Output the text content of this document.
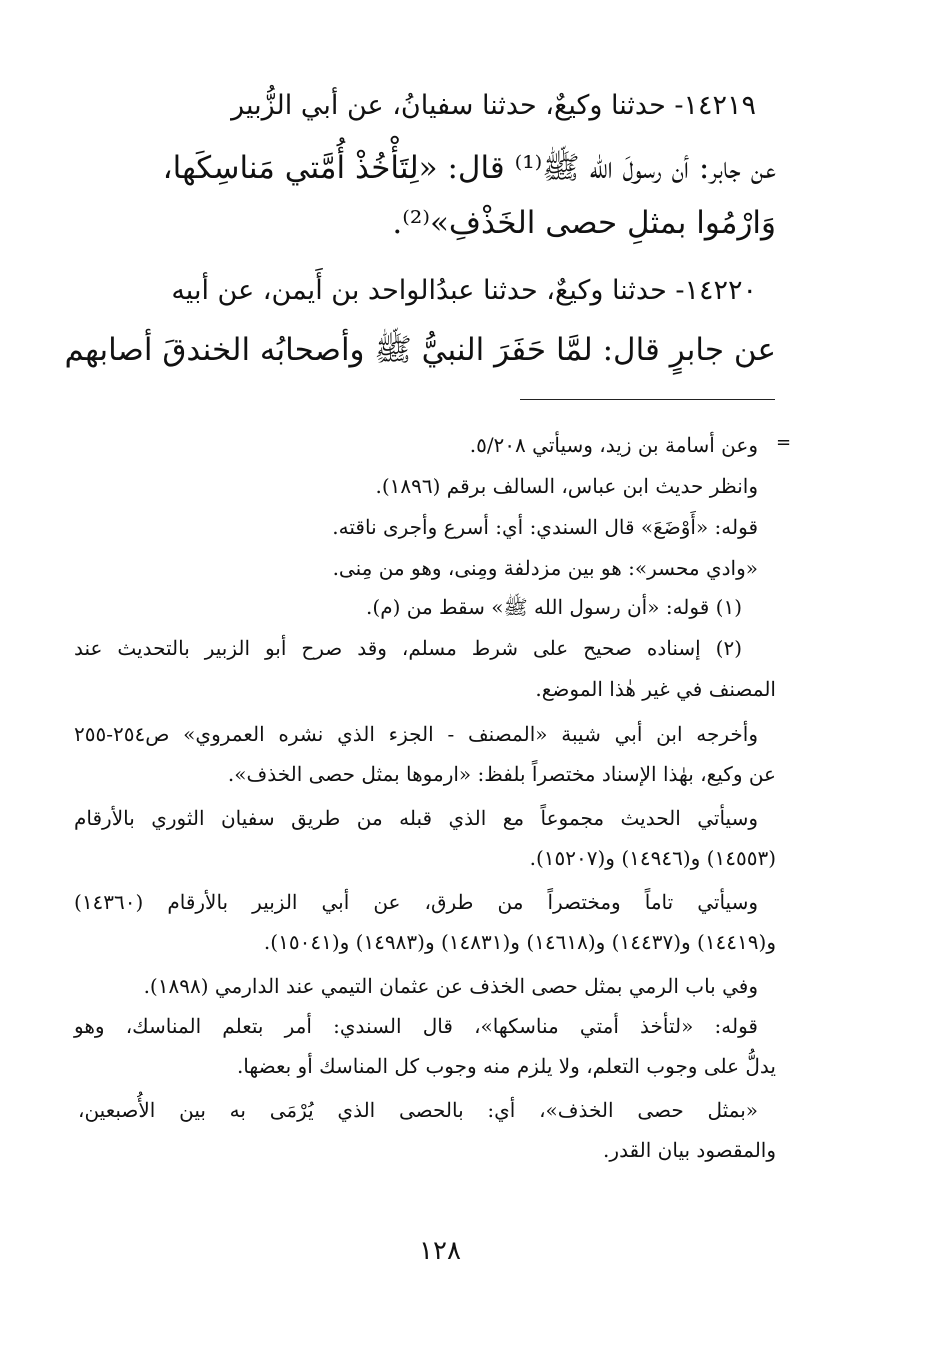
١٤٢١٩- حدثنا وكيعٌ، حدثنا سفيانُ، عن أبي الزُّبير
عن جابر: أن رسولَ الله ﷺ⁽¹⁾ قال: «لِتَأْخُذْ أُمَّتي مَناسِكَها،
وَارْمُوا بمثلِ حصى الخَذْفِ»⁽²⁾.
١٤٢٢٠- حدثنا وكيعٌ، حدثنا عبدُالواحد بن أَيمن، عن أبيه
عن جابرٍ قال: لمَّا حَفَرَ النبيُّ ﷺ وأصحابُه الخندقَ أصابهم
=
وعن أسامة بن زيد، وسيأتي ٥/٢٠٨.
وانظر حديث ابن عباس، السالف برقم (١٨٩٦).
قوله: «أَوْضَعَ» قال السندي: أي: أسرع وأجرى ناقته.
«وادي محسر»: هو بين مزدلفة ومِنى، وهو من مِنى.
(١) قوله: «أن رسول الله ﷺ» سقط من (م).
(٢) إسناده صحيح على شرط مسلم، وقد صرح أبو الزبير بالتحديث عند
المصنف في غير هٰذا الموضع.
وأخرجه ابن أبي شيبة «المصنف - الجزء الذي نشره العمروي» ص٢٥٤-٢٥٥
عن وكيع، بهٰذا الإسناد مختصراً بلفظ: «ارموها بمثل حصى الخذف».
وسيأتي الحديث مجموعاً مع الذي قبله من طريق سفيان الثوري بالأرقام
(١٤٥٥٣) و(١٤٩٤٦) و(١٥٢٠٧).
وسيأتي تاماً ومختصراً من طرق، عن أبي الزبير بالأرقام (١٤٣٦٠)
و(١٤٤١٩) و(١٤٤٣٧) و(١٤٦١٨) و(١٤٨٣١) و(١٤٩٨٣) و(١٥٠٤١).
وفي باب الرمي بمثل حصى الخذف عن عثمان التيمي عند الدارمي (١٨٩٨).
قوله: «لتأخذ أمتي مناسكها»، قال السندي: أمر بتعلم المناسك، وهو
يدلُّ على وجوب التعلم، ولا يلزم منه وجوب كل المناسك أو بعضها.
«بمثل حصى الخذف»، أي: بالحصى الذي يُرْمَى به بين الأُصبعين،
والمقصود بيان القدر.
١٢٨
